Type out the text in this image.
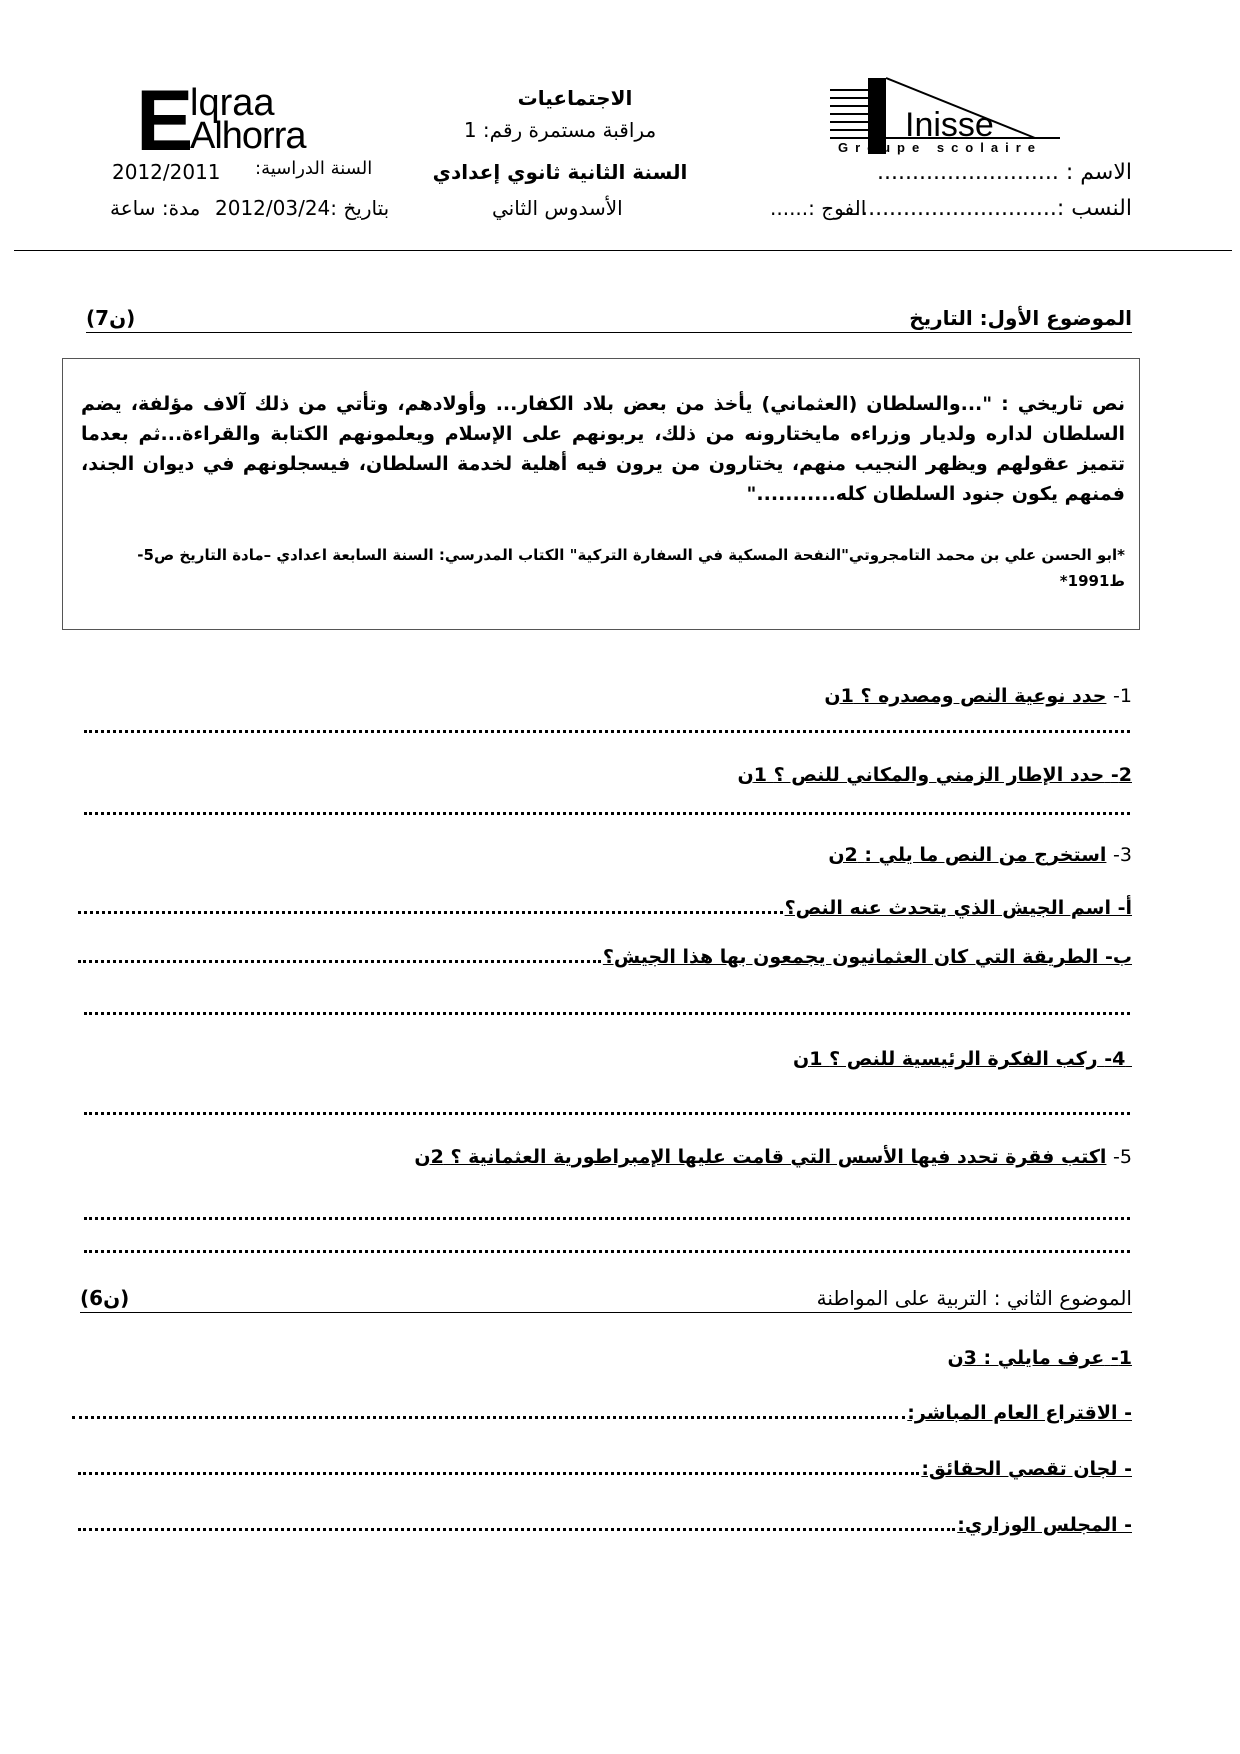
E
lqraa
Alhorra	Inisse
Groupe scolaire
الاجتماعيات
مراقبة مستمرة رقم: 1
السنة الثانية ثانوي إعدادي
2012/2011 السنة الدراسية:
مدة: ساعة بتاريخ :2012/03/24
الاسم : ..........................
النسب :...............................
الفوج :......
الأسدوس الثاني
(7ن)	الموضوع الأول: التاريخ
نص تاريخي : "...والسلطان (العثماني) يأخذ من بعض بلاد الكفار... وأولادهم، وتأتي من ذلك آلاف مؤلفة، يضم السلطان لداره ولديار وزراءه مايختارونه من ذلك، يربونهم على الإسلام ويعلمونهم الكتابة والقراءة...ثم بعدما تتميز عقولهم ويظهر النجيب منهم، يختارون من يرون فيه أهلية لخدمة السلطان، فيسجلونهم في ديوان الجند، فمنهم يكون جنود السلطان كله..........."
*ابو الحسن علي بن محمد التامجروتي"النفحة المسكية في السفارة التركية" الكتاب المدرسي: السنة السابعة اعدادي –مادة التاريخ ص5- ط1991*
1- حدد نوعية النص ومصدره ؟ 1ن
2- حدد الإطار الزمني والمكاني للنص ؟ 1ن
3- استخرج من النص ما يلي : 2ن
أ- اسم الجيش الذي يتحدث عنه النص؟
ب- الطريقة التي كان العثمانيون يجمعون بها هذا الجيش؟
4- ركب الفكرة الرئيسية للنص ؟ 1ن
5- اكتب فقرة تحدد فيها الأسس التي قامت عليها الإمبراطورية العثمانية ؟ 2ن
(6ن)	الموضوع الثاني : التربية على المواطنة
1- عرف مايلي : 3ن
- الاقتراع العام المباشر:
- لجان تقصي الحقائق:
- المجلس الوزاري:
